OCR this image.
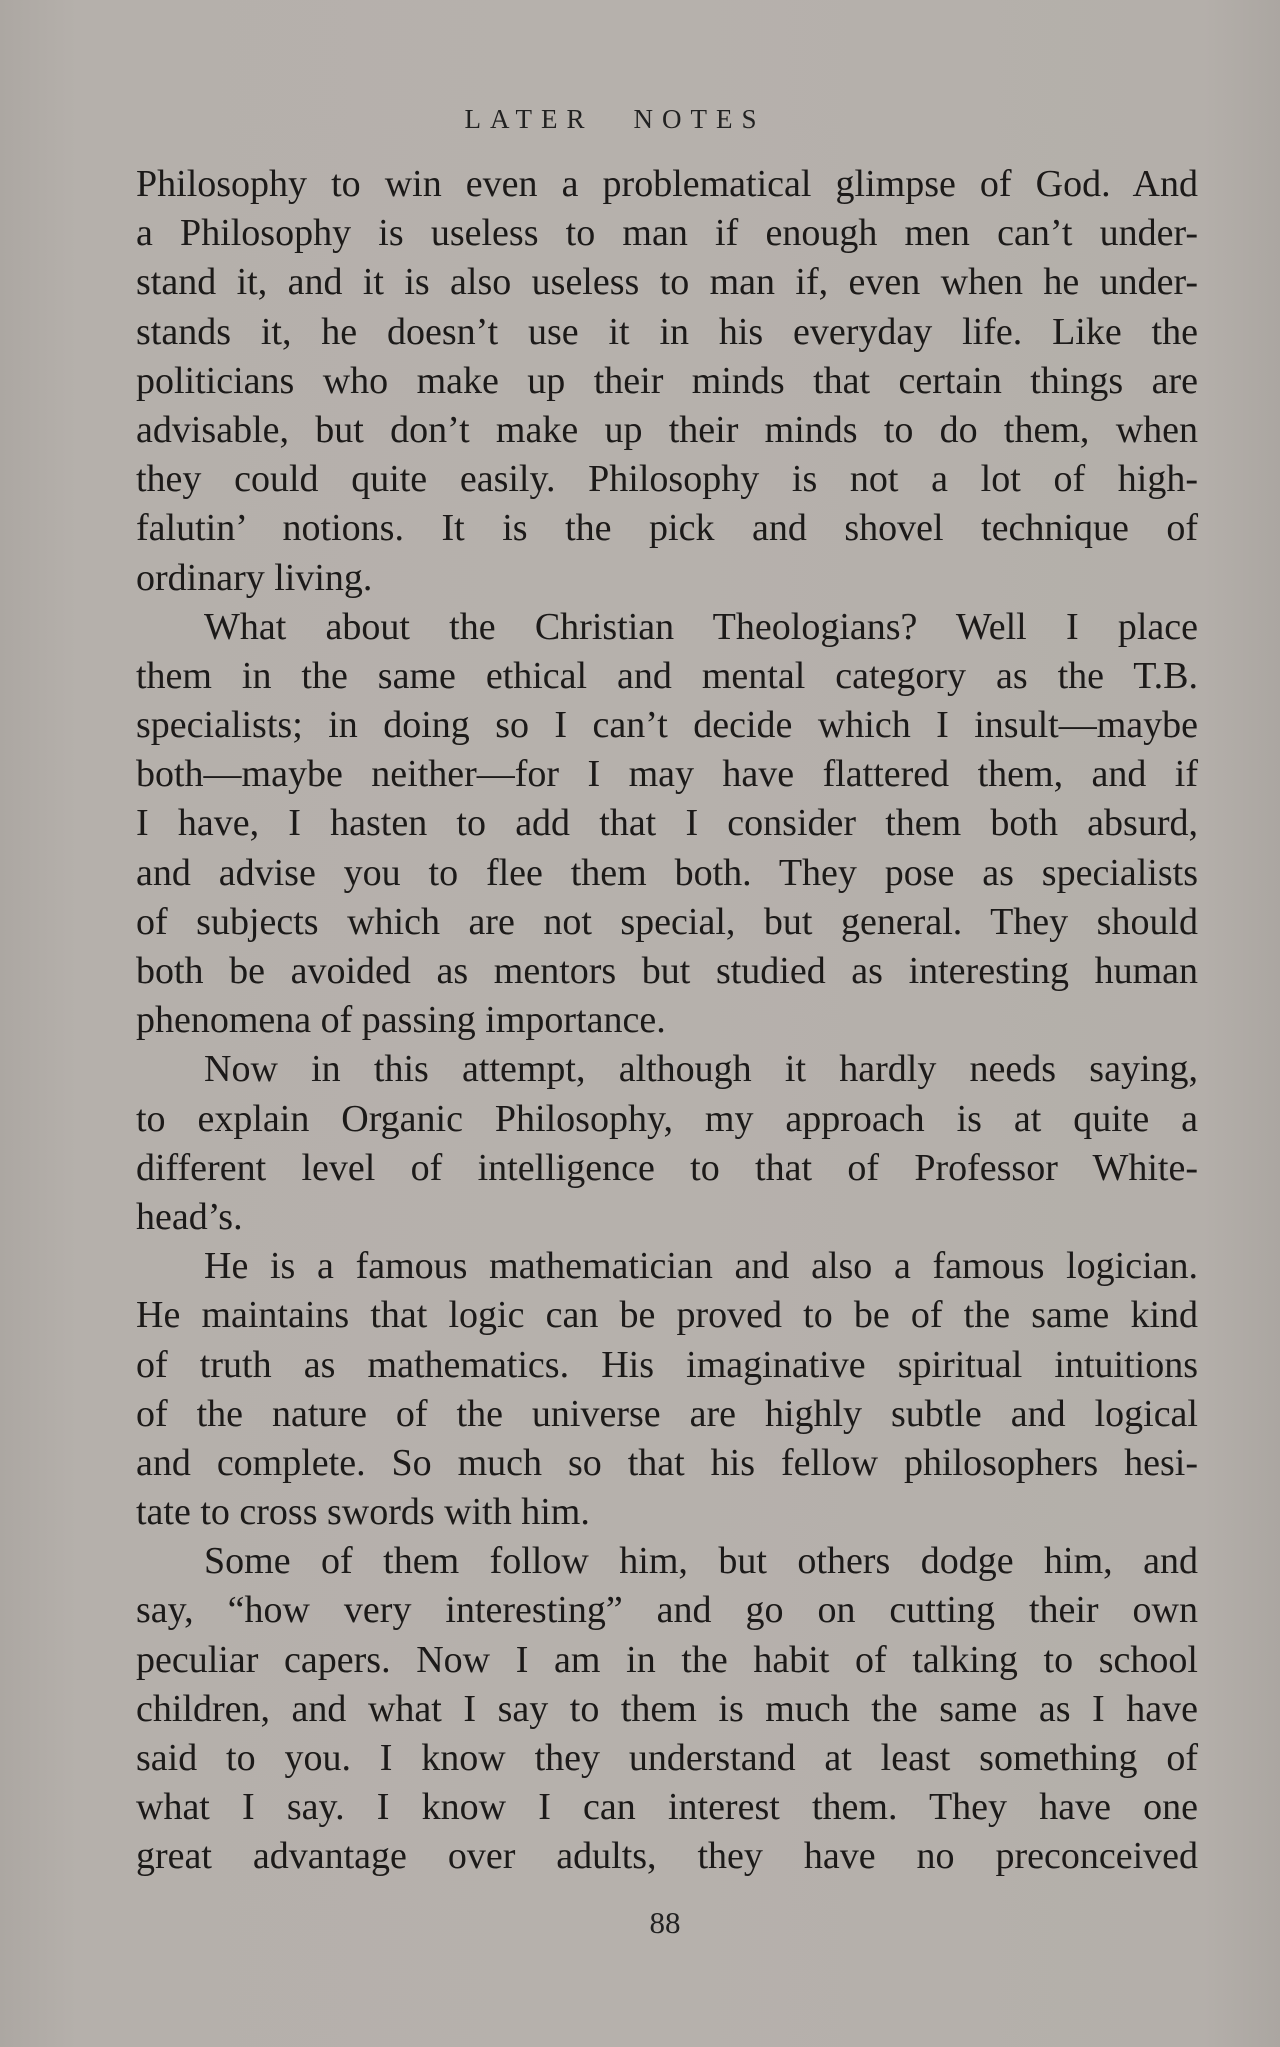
LATER NOTES
Philosophy to win even a problematical glimpse of God. And
a Philosophy is useless to man if enough men can’t under-
stand it, and it is also useless to man if, even when he under-
stands it, he doesn’t use it in his everyday life. Like the
politicians who make up their minds that certain things are
advisable, but don’t make up their minds to do them, when
they could quite easily. Philosophy is not a lot of high-
falutin’ notions. It is the pick and shovel technique of
ordinary living.
What about the Christian Theologians? Well I place
them in the same ethical and mental category as the T.B.
specialists; in doing so I can’t decide which I insult—maybe
both—maybe neither—for I may have flattered them, and if
I have, I hasten to add that I consider them both absurd,
and advise you to flee them both. They pose as specialists
of subjects which are not special, but general. They should
both be avoided as mentors but studied as interesting human
phenomena of passing importance.
Now in this attempt, although it hardly needs saying,
to explain Organic Philosophy, my approach is at quite a
different level of intelligence to that of Professor White-
head’s.
He is a famous mathematician and also a famous logician.
He maintains that logic can be proved to be of the same kind
of truth as mathematics. His imaginative spiritual intuitions
of the nature of the universe are highly subtle and logical
and complete. So much so that his fellow philosophers hesi-
tate to cross swords with him.
Some of them follow him, but others dodge him, and
say, “how very interesting” and go on cutting their own
peculiar capers. Now I am in the habit of talking to school
children, and what I say to them is much the same as I have
said to you. I know they understand at least something of
what I say. I know I can interest them. They have one
great advantage over adults, they have no preconceived
88
